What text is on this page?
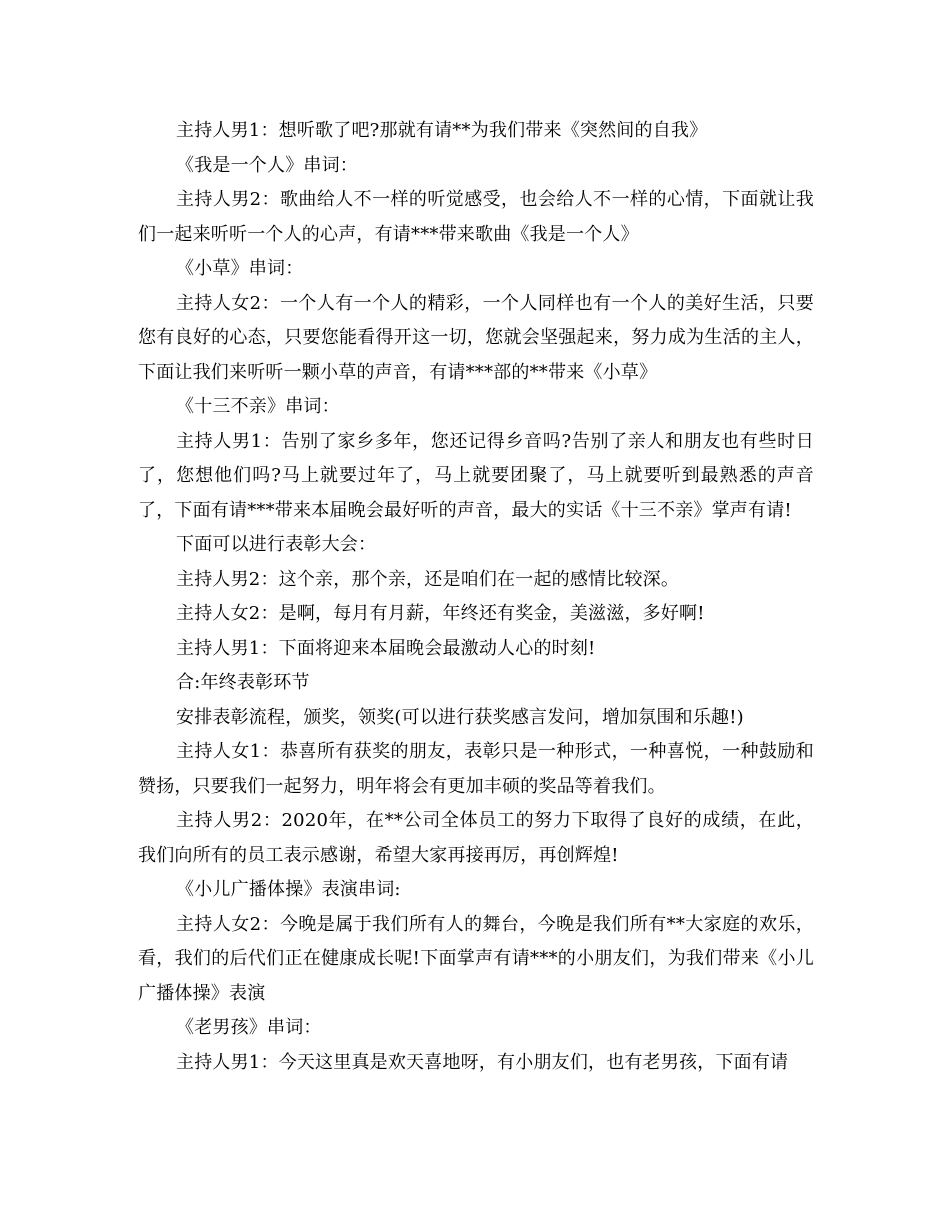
主持人男1：想听歌了吧?那就有请**为我们带来《突然间的自我》

《我是一个人》串词：

主持人男2：歌曲给人不一样的听觉感受，也会给人不一样的心情，下面就让我们一起来听听一个人的心声，有请***带来歌曲《我是一个人》

《小草》串词：

主持人女2：一个人有一个人的精彩，一个人同样也有一个人的美好生活，只要您有良好的心态，只要您能看得开这一切，您就会坚强起来，努力成为生活的主人，下面让我们来听听一颗小草的声音，有请***部的**带来《小草》

《十三不亲》串词：

主持人男1：告别了家乡多年，您还记得乡音吗?告别了亲人和朋友也有些时日了，您想他们吗?马上就要过年了，马上就要团聚了，马上就要听到最熟悉的声音了，下面有请***带来本届晚会最好听的声音，最大的实话《十三不亲》掌声有请!

下面可以进行表彰大会：

主持人男2：这个亲，那个亲，还是咱们在一起的感情比较深。

主持人女2：是啊，每月有月薪，年终还有奖金，美滋滋，多好啊!

主持人男1：下面将迎来本届晚会最激动人心的时刻!

合:年终表彰环节

安排表彰流程，颁奖，领奖(可以进行获奖感言发问，增加氛围和乐趣!)

主持人女1：恭喜所有获奖的朋友，表彰只是一种形式，一种喜悦，一种鼓励和赞扬，只要我们一起努力，明年将会有更加丰硕的奖品等着我们。

主持人男2：2020年，在**公司全体员工的努力下取得了良好的成绩，在此，我们向所有的员工表示感谢，希望大家再接再厉，再创辉煌!

《小儿广播体操》表演串词:

主持人女2：今晚是属于我们所有人的舞台，今晚是我们所有**大家庭的欢乐，看，我们的后代们正在健康成长呢!下面掌声有请***的小朋友们，为我们带来《小儿广播体操》表演

《老男孩》串词：

主持人男1：今天这里真是欢天喜地呀，有小朋友们，也有老男孩，下面有请
